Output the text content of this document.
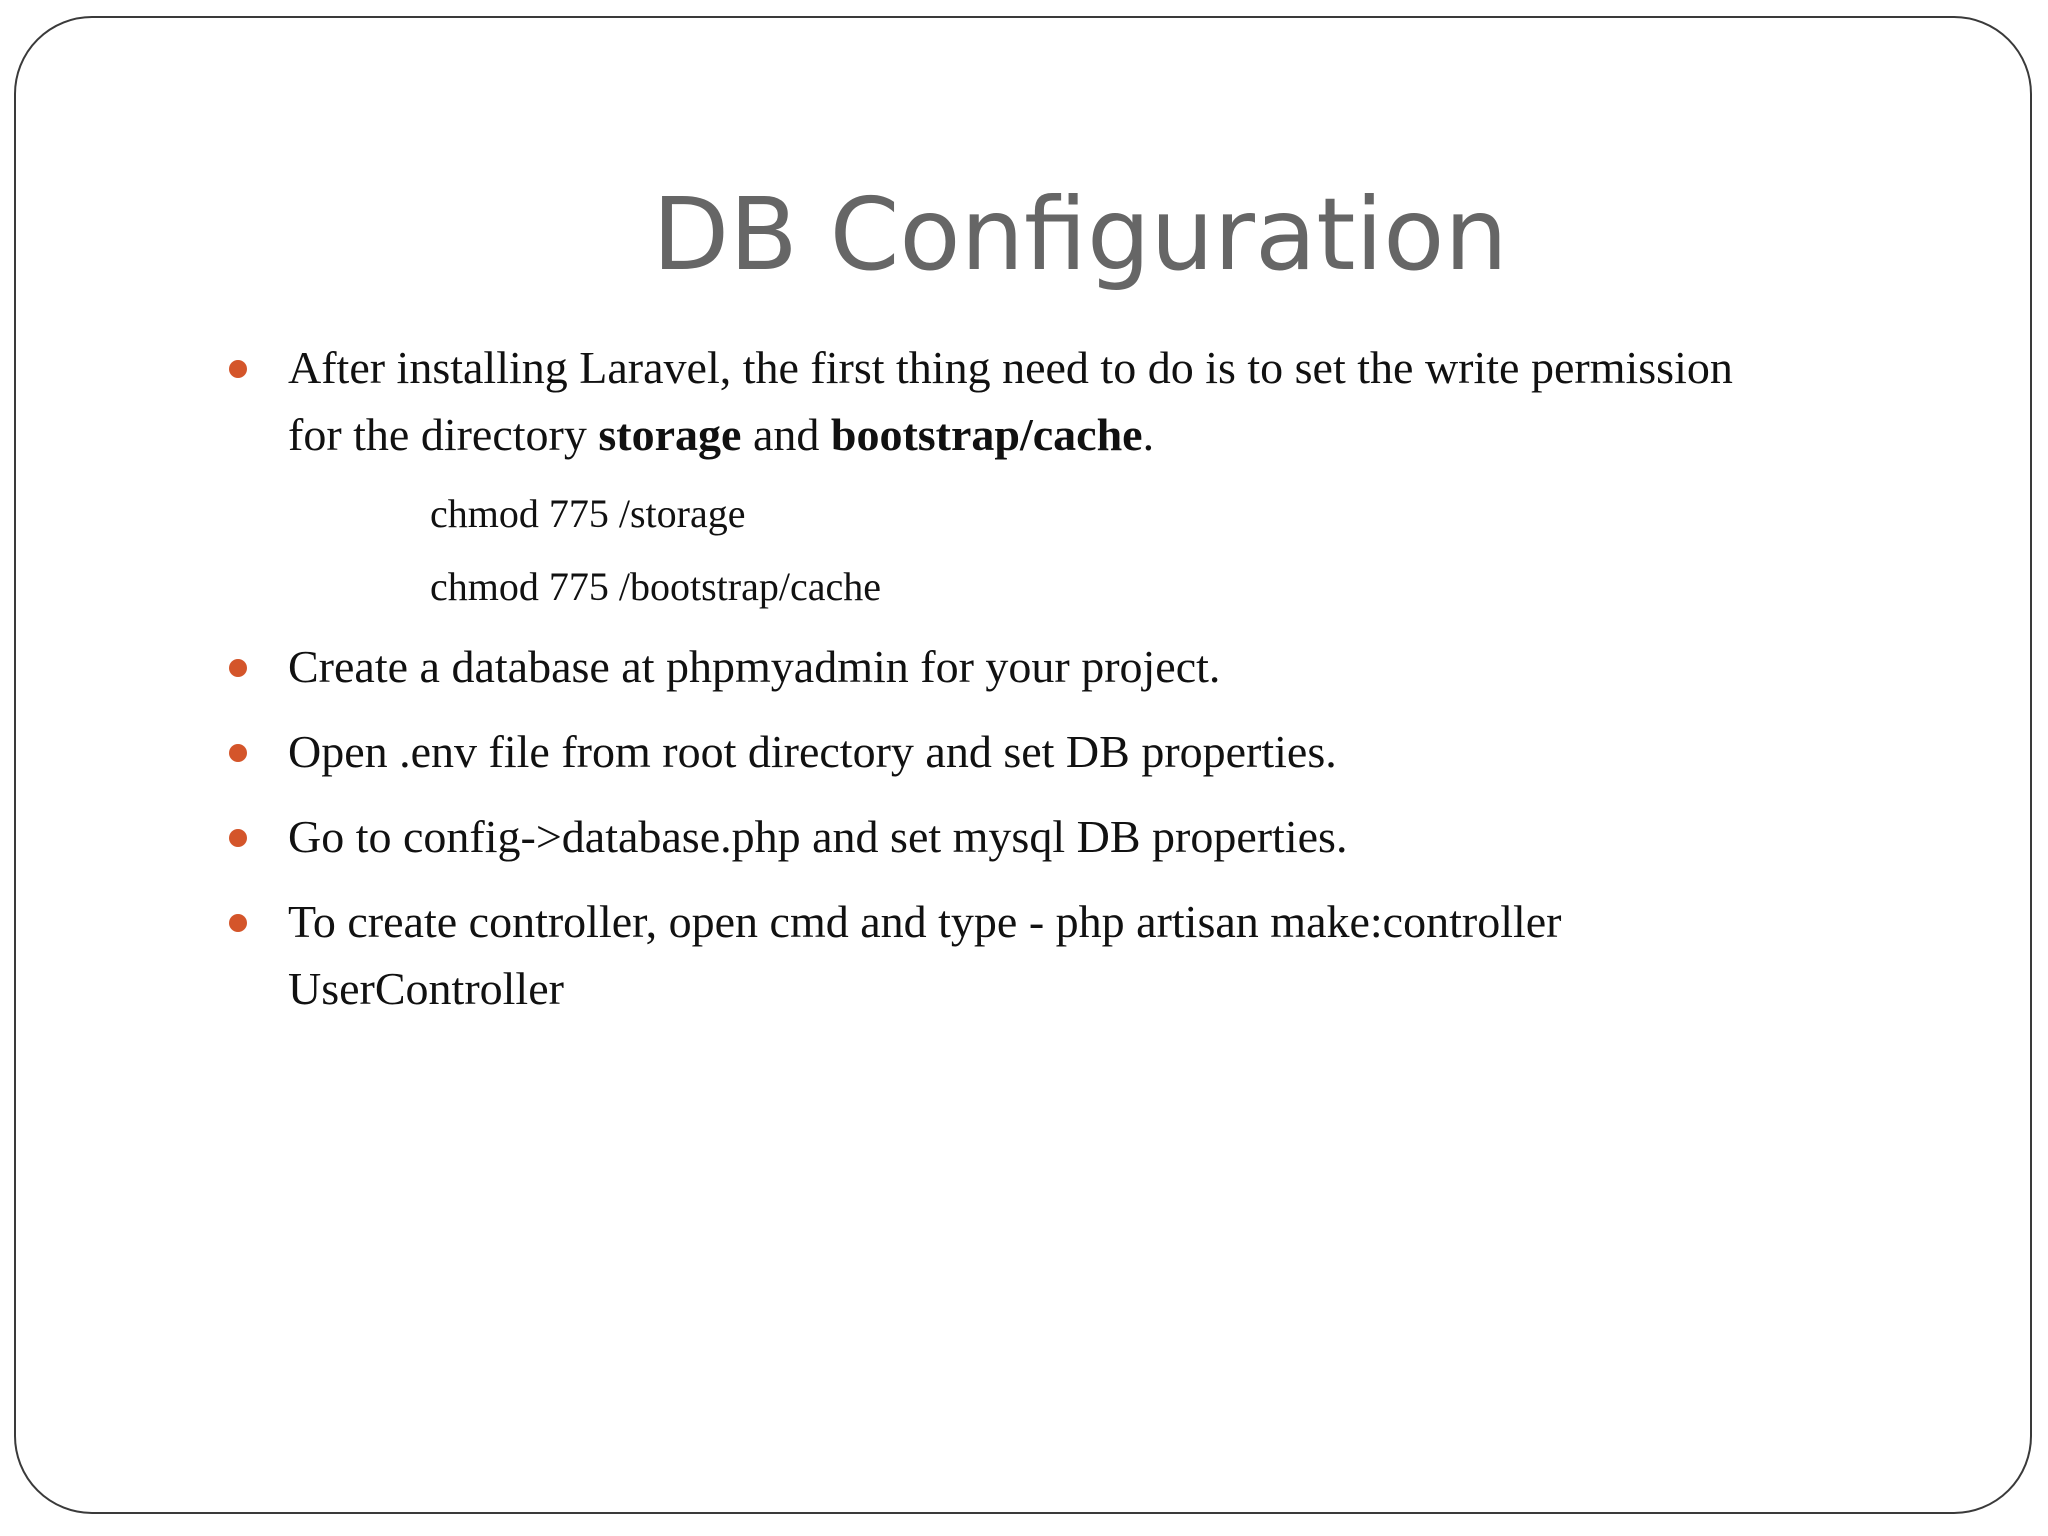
DB Configuration
After installing Laravel, the first thing need to do is to set the write permission
for the directory storage and bootstrap/cache.
chmod 775 /storage
chmod 775 /bootstrap/cache
Create a database at phpmyadmin for your project.
Open .env file from root directory and set DB properties.
Go to config->database.php and set mysql DB properties.
To create controller, open cmd and type - php artisan make:controller
UserController
